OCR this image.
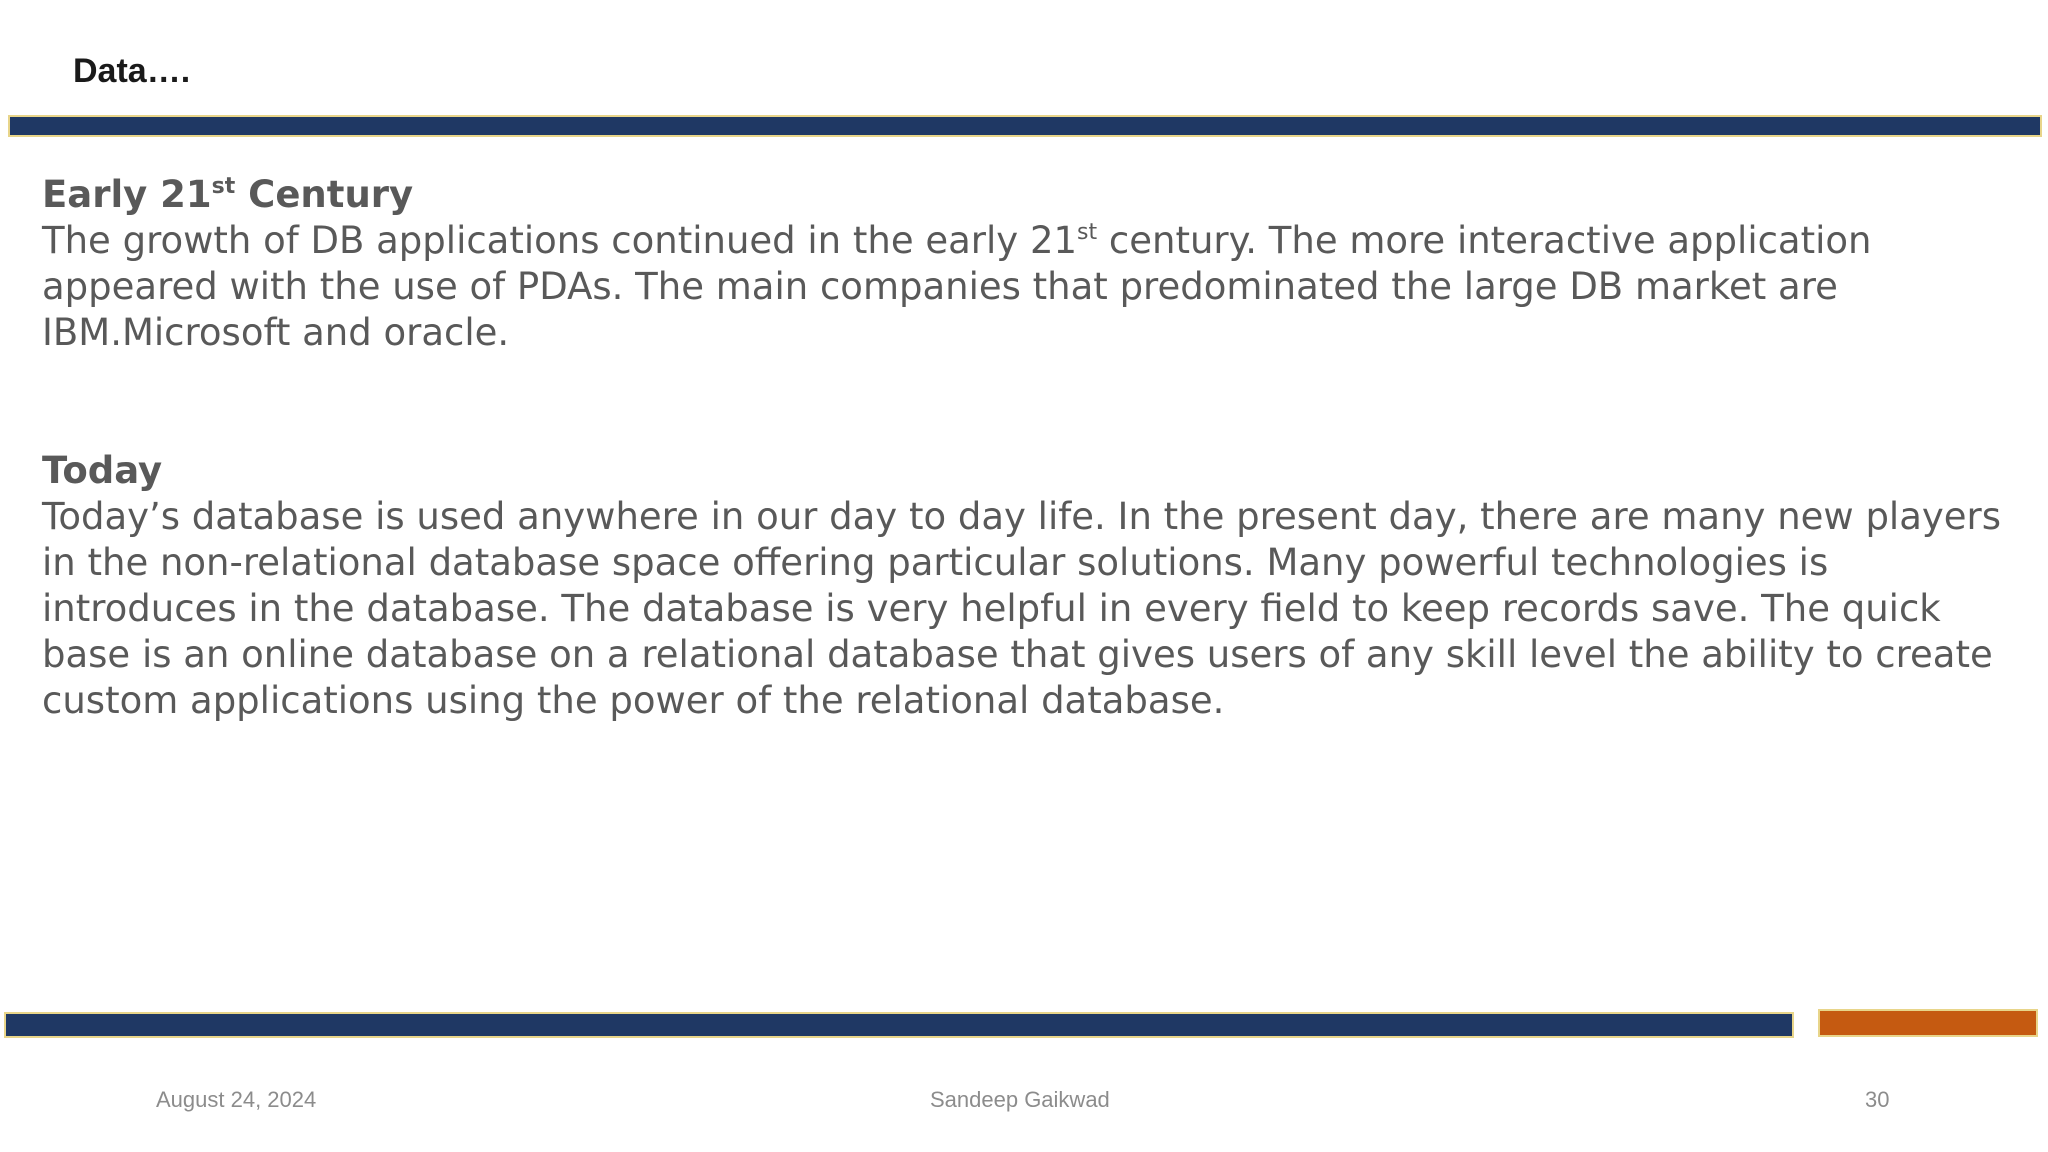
Data….

Early 21st Century

The growth of DB applications continued in the early 21st century. The more interactive application

appeared with the use of PDAs. The main companies that predominated the large DB market are

IBM.Microsoft and oracle.

Today

Today’s database is used anywhere in our day to day life. In the present day, there are many new players

in the non-relational database space offering particular solutions. Many powerful technologies is

introduces in the database. The database is very helpful in every field to keep records save. The quick

base is an online database on a relational database that gives users of any skill level the ability to create

custom applications using the power of the relational database.

August 24, 2024	Sandeep Gaikwad	30
